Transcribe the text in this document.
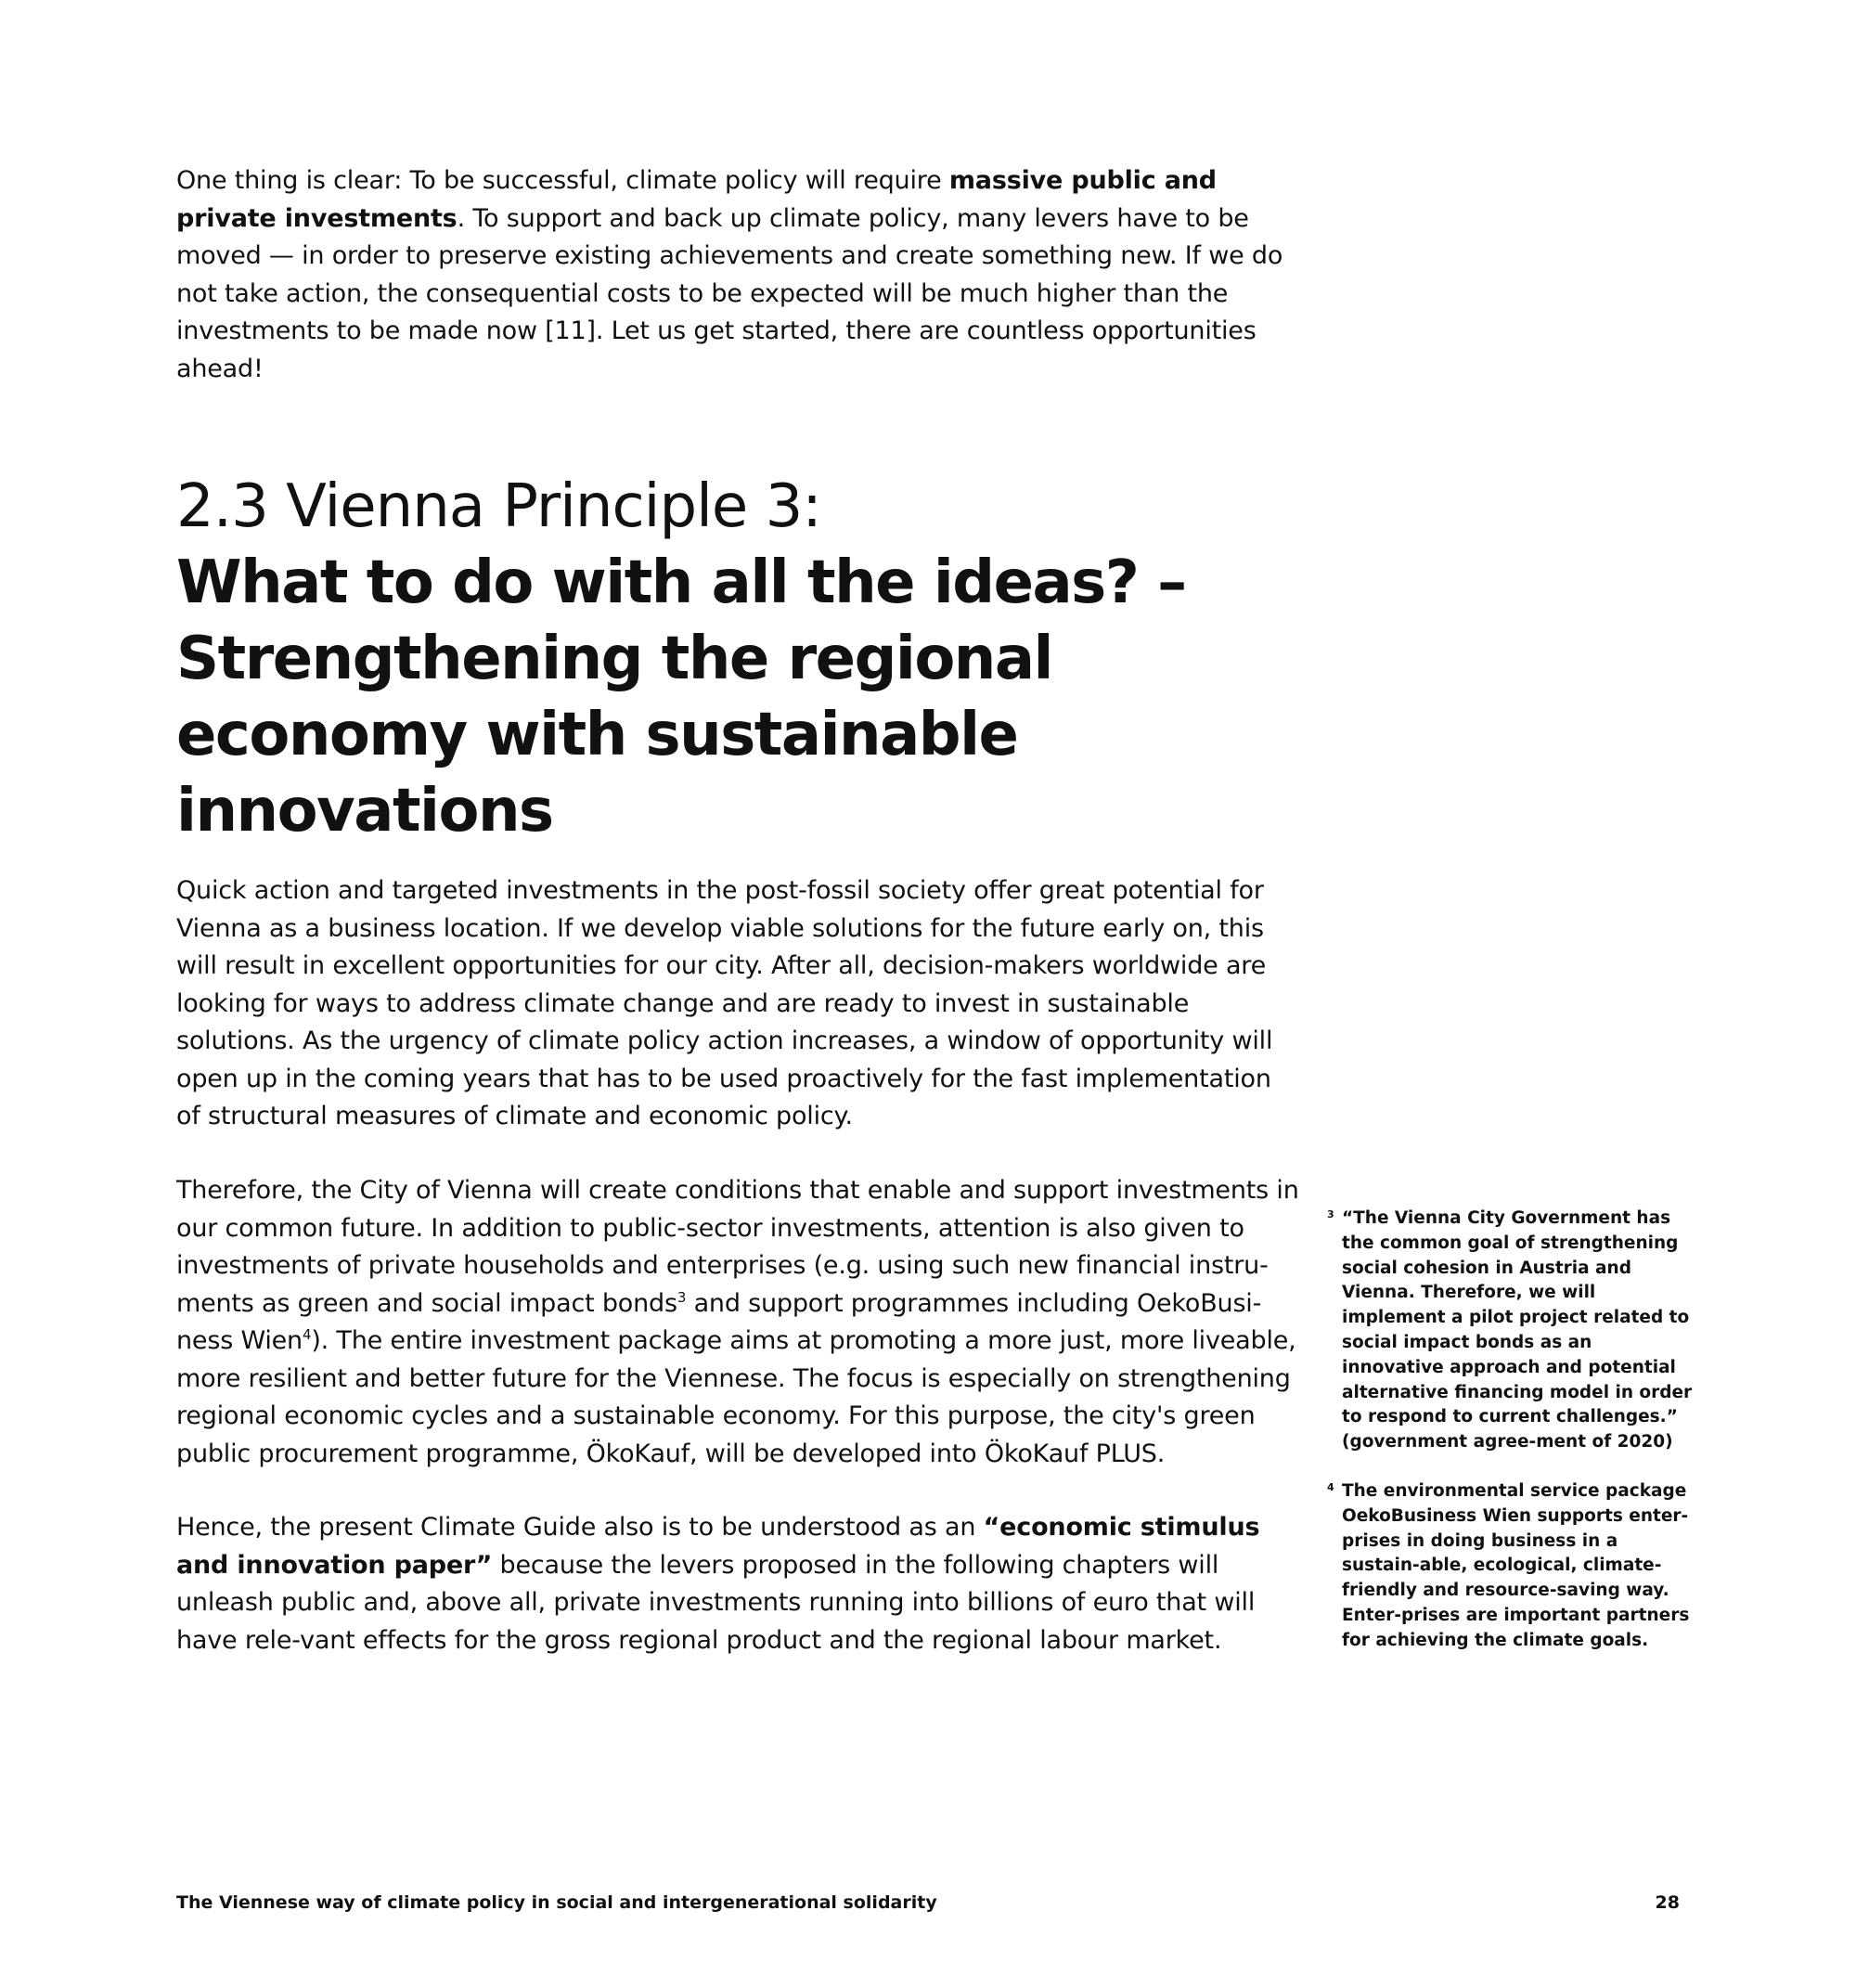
One thing is clear: To be successful, climate policy will require massive public and private investments. To support and back up climate policy, many levers have to be moved — in order to preserve existing achievements and create something new. If we do not take action, the consequential costs to be expected will be much higher than the investments to be made now [11]. Let us get started, there are countless opportunities ahead!

2.3 Vienna Principle 3:
What to do with all the ideas? – Strengthening the regional economy with sustainable innovations

Quick action and targeted investments in the post-fossil society offer great potential for Vienna as a business location. If we develop viable solutions for the future early on, this will result in excellent opportunities for our city. After all, decision-makers worldwide are looking for ways to address climate change and are ready to invest in sustainable solutions. As the urgency of climate policy action increases, a window of opportunity will open up in the coming years that has to be used proactively for the fast implementation of structural measures of climate and economic policy.

Therefore, the City of Vienna will create conditions that enable and support investments in our common future. In addition to public-sector investments, attention is also given to investments of private households and enterprises (e.g. using such new financial instru-ments as green and social impact bonds$^3$ and support programmes including OekoBusi-ness Wien$^4$). The entire investment package aims at promoting a more just, more liveable, more resilient and better future for the Viennese. The focus is especially on strengthening regional economic cycles and a sustainable economy. For this purpose, the city's green public procurement programme, ÖkoKauf, will be developed into ÖkoKauf PLUS.

Hence, the present Climate Guide also is to be understood as an “economic stimulus and innovation paper” because the levers proposed in the following chapters will unleash public and, above all, private investments running into billions of euro that will have rele-vant effects for the gross regional product and the regional labour market.

3 “The Vienna City Government has the common goal of strengthening social cohesion in Austria and Vienna. Therefore, we will implement a pilot project related to social impact bonds as an innovative approach and potential alternative financing model in order to respond to current challenges.” (government agree-ment of 2020)

4 The environmental service package OekoBusiness Wien supports enter-prises in doing business in a sustain-able, ecological, climate-friendly and resource-saving way. Enter-prises are important partners for achieving the climate goals.

The Viennese way of climate policy in social and intergenerational solidarity	28
